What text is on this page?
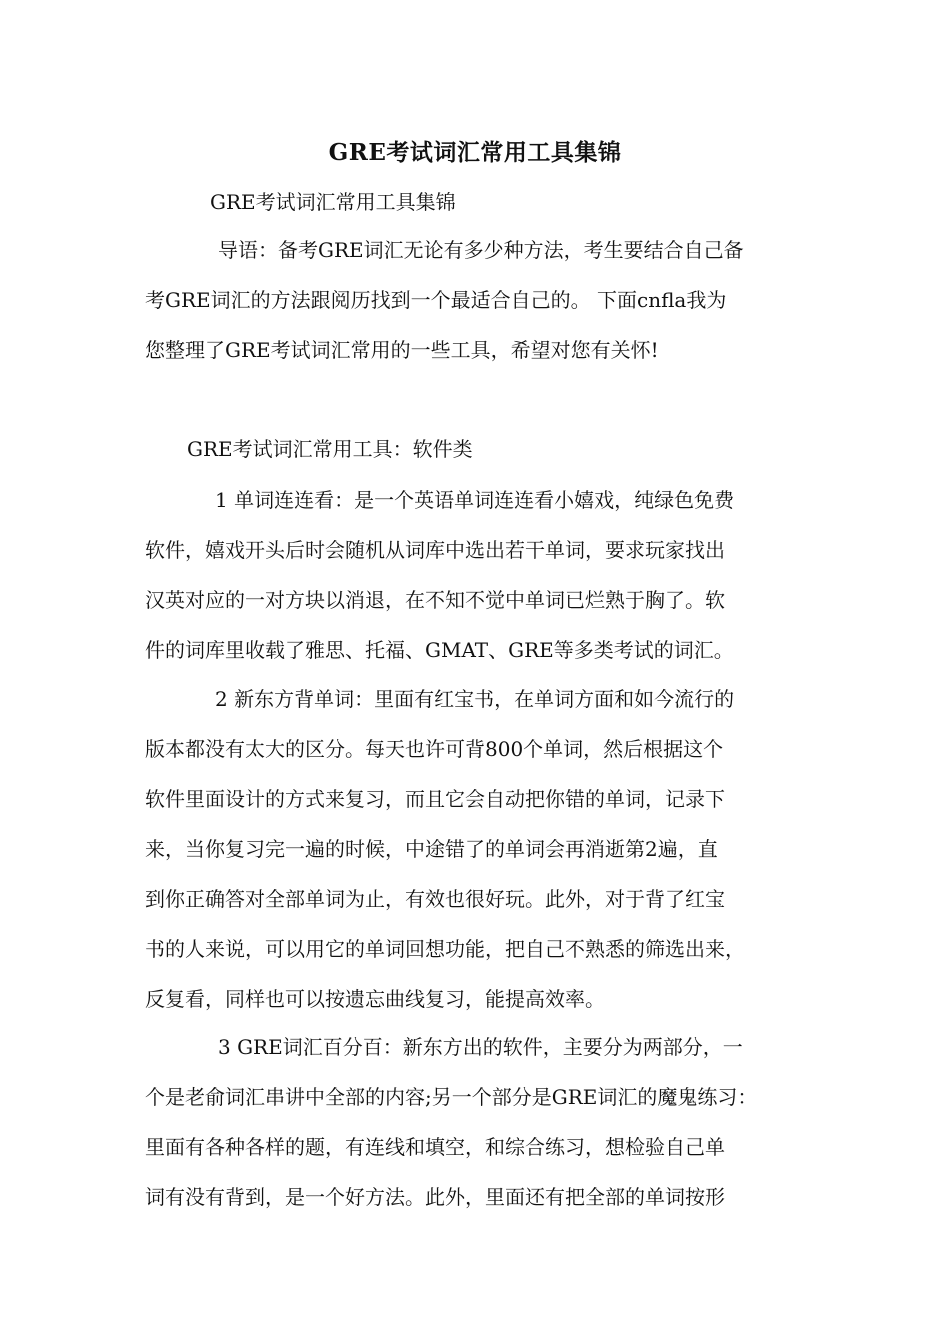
GRE考试词汇常用工具集锦
GRE考试词汇常用工具集锦
导语：备考GRE词汇无论有多少种方法，考生要结合自己备
考GRE词汇的方法跟阅历找到一个最适合自己的。 下面cnfla我为
您整理了GRE考试词汇常用的一些工具，希望对您有关怀!
GRE考试词汇常用工具：软件类
1 单词连连看：是一个英语单词连连看小嬉戏，纯绿色免费
软件，嬉戏开头后时会随机从词库中选出若干单词，要求玩家找出
汉英对应的一对方块以消退，在不知不觉中单词已烂熟于胸了。软
件的词库里收载了雅思、托福、GMAT、GRE等多类考试的词汇。
2 新东方背单词：里面有红宝书，在单词方面和如今流行的
版本都没有太大的区分。每天也许可背800个单词，然后根据这个
软件里面设计的方式来复习，而且它会自动把你错的单词，记录下
来，当你复习完一遍的时候，中途错了的单词会再消逝第2遍，直
到你正确答对全部单词为止，有效也很好玩。此外，对于背了红宝
书的人来说，可以用它的单词回想功能，把自己不熟悉的筛选出来，
反复看，同样也可以按遗忘曲线复习，能提高效率。
3 GRE词汇百分百：新东方出的软件，主要分为两部分，一
个是老俞词汇串讲中全部的内容;另一个部分是GRE词汇的魔鬼练习：
里面有各种各样的题，有连线和填空，和综合练习，想检验自己单
词有没有背到，是一个好方法。此外，里面还有把全部的单词按形
